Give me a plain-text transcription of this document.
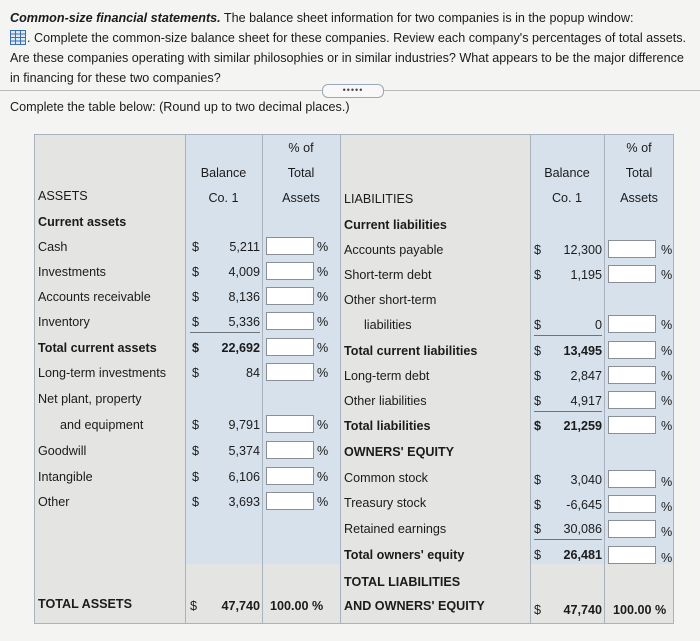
Common-size financial statements. The balance sheet information for two companies is in the popup window:
. Complete the common-size balance sheet for these companies. Review each company's percentages of total assets. Are these companies operating with similar philosophies or in similar industries? What appears to be the major difference in financing for these two companies?
•••••
Complete the table below: (Round up to two decimal places.)
% of
Balance	Total
Co. 1	Assets
ASSETS	LIABILITIES
% of
Balance	Total
Co. 1	Assets
Current assets
Cash	$	5,211	%
Investments	$	4,009	%
Accounts receivable	$	8,136	%
Inventory	$	5,336	%
Total current assets	$	22,692	%
Long-term investments $	84	%
Net plant, property
and equipment	$	9,791	%
Goodwill	$	5,374	%
Intangible	$	6,106	%
Other	$	3,693	%
TOTAL ASSETS	$	47,740 100.00 %
Current liabilities
Accounts payable	$	12,300	%
Short-term debt	$	1,195	%
Other short-term
liabilities	$	0	%
Total current liabilities	$	13,495	%
Long-term debt	$	2,847	%
Other liabilities	$	4,917	%
Total liabilities	$	21,259	%
OWNERS' EQUITY
Common stock	$	3,040	%
Treasury stock	$	-6,645	%
Retained earnings	$	30,086	%
Total owners' equity	$	26,481	%
TOTAL LIABILITIES
AND OWNERS' EQUITY	$	47,740 100.00 %
